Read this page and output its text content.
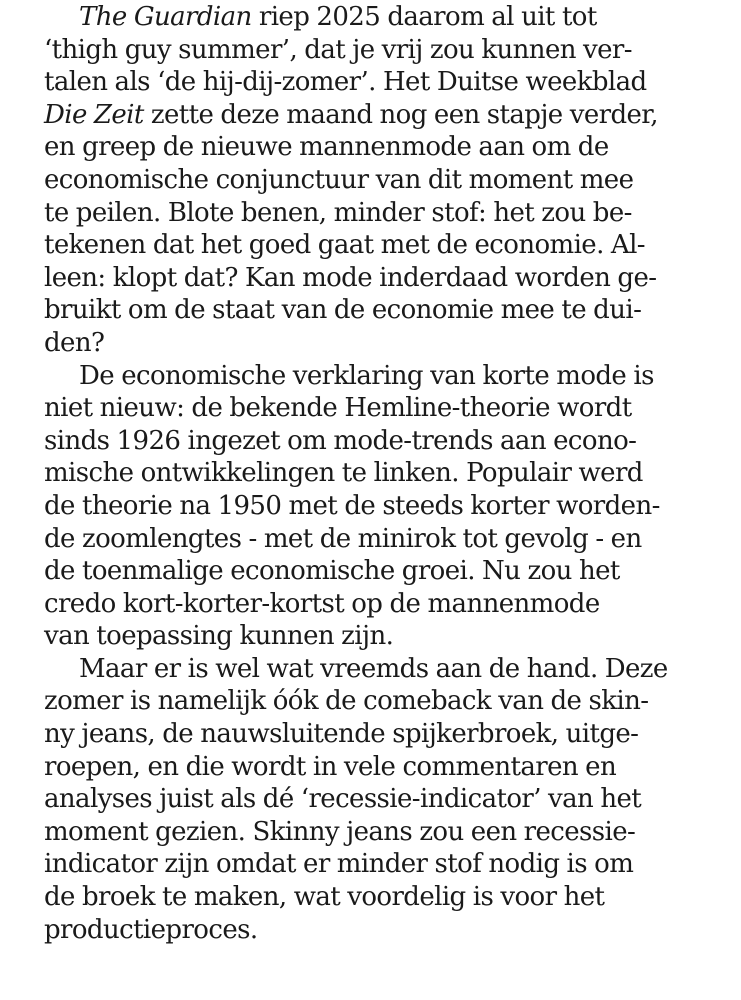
The Guardian riep 2025 daarom al uit tot
‘thigh guy summer’, dat je vrij zou kunnen ver-
talen als ‘de hij-dij-zomer’. Het Duitse weekblad
Die Zeit zette deze maand nog een stapje verder,
en greep de nieuwe mannenmode aan om de
economische conjunctuur van dit moment mee
te peilen. Blote benen, minder stof: het zou be-
tekenen dat het goed gaat met de economie. Al-
leen: klopt dat? Kan mode inderdaad worden ge-
bruikt om de staat van de economie mee te dui-
den?
De economische verklaring van korte mode is
niet nieuw: de bekende Hemline-theorie wordt
sinds 1926 ingezet om mode-trends aan econo-
mische ontwikkelingen te linken. Populair werd
de theorie na 1950 met de steeds korter worden-
de zoomlengtes - met de minirok tot gevolg - en
de toenmalige economische groei. Nu zou het
credo kort-korter-kortst op de mannenmode
van toepassing kunnen zijn.
Maar er is wel wat vreemds aan de hand. Deze
zomer is namelijk óók de comeback van de skin-
ny jeans, de nauwsluitende spijkerbroek, uitge-
roepen, en die wordt in vele commentaren en
analyses juist als dé ‘recessie-indicator’ van het
moment gezien. Skinny jeans zou een recessie-
indicator zijn omdat er minder stof nodig is om
de broek te maken, wat voordelig is voor het
productieproces.
